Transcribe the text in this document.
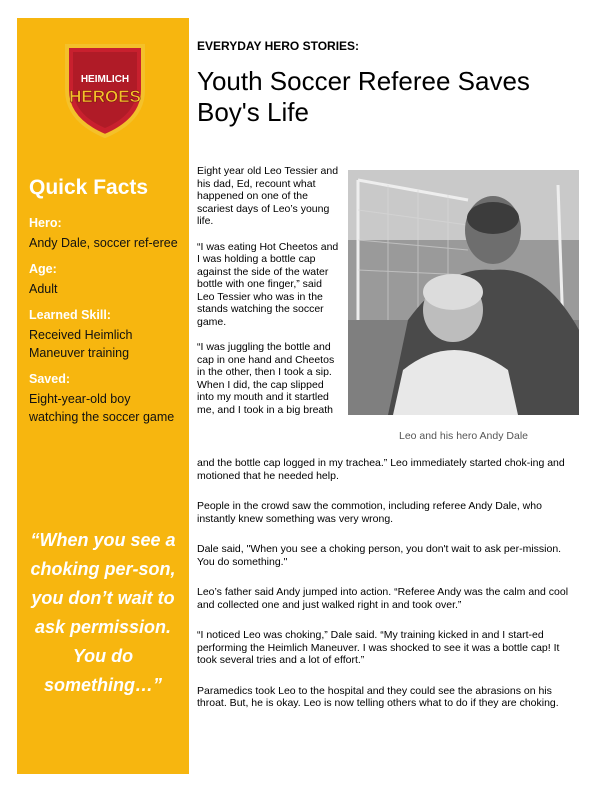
HEIMLICH
HEROES
Quick Facts

Hero:

Andy Dale, soccer ref-eree

Age:

Adult

Learned Skill:

Received Heimlich Maneuver training

Saved:

Eight-year-old boy watching the soccer game

“When you see a choking per-son, you don’t wait to ask permission. You do something…”
EVERYDAY HERO STORIES:
Youth Soccer Referee Saves Boy's Life
Leo and his hero Andy Dale

Eight year old Leo Tessier and his dad, Ed, recount what happened on one of the scariest days of Leo’s young life.

“I was eating Hot Cheetos and I was holding a bottle cap against the side of the water bottle with one finger,” said Leo Tessier who was in the stands watching the soccer game.

“I was juggling the bottle and cap in one hand and Cheetos in the other, then I took a sip. When I did, the cap slipped into my mouth and it startled me, and I took in a big breath

and the bottle cap logged in my trachea.” Leo immediately started chok-ing and motioned that he needed help.

People in the crowd saw the commotion, including referee Andy Dale, who instantly knew something was very wrong.

Dale said, "When you see a choking person, you don't wait to ask per-mission. You do something."

Leo’s father said Andy jumped into action. “Referee Andy was the calm and cool and collected one and just walked right in and took over.”

“I noticed Leo was choking,” Dale said. “My training kicked in and I start-ed performing the Heimlich Maneuver. I was shocked to see it was a bottle cap! It took several tries and a lot of effort.”

Paramedics took Leo to the hospital and they could see the abrasions on his throat. But, he is okay. Leo is now telling others what to do if they are choking.
